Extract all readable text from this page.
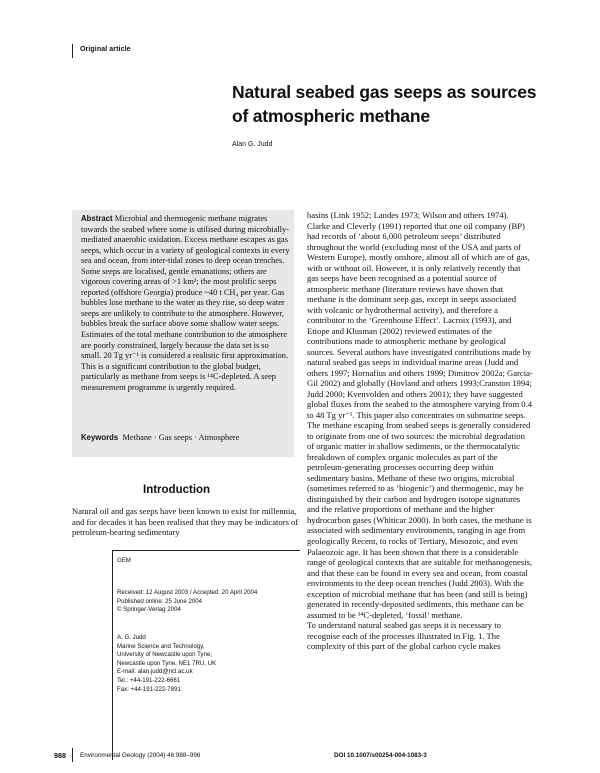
Original article
Natural seabed gas seeps as sources
of atmospheric methane
Alan G. Judd

Abstract Microbial and thermogenic methane migrates towards the seabed where some is utilised during microbially-mediated anaerobic oxidation. Excess methane escapes as gas seeps, which occur in a variety of geological contexts in every sea and ocean, from inter-tidal zones to deep ocean trenches. Some seeps are localised, gentle emanations; others are vigorous covering areas of >1 km²; the most prolific seeps reported (offshore Georgia) produce ~40 t CH₄ per year. Gas bubbles lose methane to the water as they rise, so deep water seeps are unlikely to contribute to the atmosphere. However, bubbles break the surface above some shallow water seeps. Estimates of the total methane contribution to the atmosphere are poorly constrained, largely because the data set is so small. 20 Tg yr⁻¹ is considered a realistic first approximation. This is a significant contribution to the global budget, particularly as methane from seeps is ¹⁴C-depleted. A seep measurement programme is urgently required.

Keywords Methane · Gas seeps · Atmosphere

Introduction

Natural oil and gas seeps have been known to exist for millennia, and for decades it has been realised that they may be indicators of petroleum-bearing sedimentary

GEM

Received: 12 August 2003 / Accepted: 20 April 2004
Published online: 25 June 2004
© Springer-Verlag 2004

A. G. Judd
Marine Science and Technology,
University of Newcastle upon Tyne,
Newcastle upon Tyne, NE1 7RU, UK
E-mail: alan.judd@ncl.ac.uk
Tel.: +44-191-222-6661
Fax: +44-191-222-7891

basins (Link 1952; Landes 1973; Wilson and others 1974). Clarke and Cleverly (1991) reported that one oil company (BP) had records of ‘about 6,000 petroleum seeps’ distributed throughout the world (excluding most of the USA and parts of Western Europe), mostly onshore, almost all of which are of gas, with or without oil. However, it is only relatively recently that gas seeps have been recognised as a potential source of atmospheric methane (literature reviews have shown that methane is the dominant seep gas, except in seeps associated with volcanic or hydrothermal activity), and therefore a contributor to the ‘Greenhouse Effect’. Lacroix (1993), and Etiope and Klusman (2002) reviewed estimates of the contributions made to atmospheric methane by geological sources. Several authors have investigated contributions made by natural seabed gas seeps in individual marine areas (Judd and others 1997; Hornafius and others 1999; Dimitrov 2002a; Garcia-Gil 2002) and globally (Hovland and others 1993;Cranston 1994; Judd 2000; Kvenvolden and others 2001); they have suggested global fluxes from the seabed to the atmosphere varying from 0.4 to 48 Tg yr⁻¹. This paper also concentrates on submarine seeps.

The methane escaping from seabed seeps is generally considered to originate from one of two sources: the microbial degradation of organic matter in shallow sediments, or the thermocatalytic breakdown of complex organic molecules as part of the petroleum-generating processes occurring deep within sedimentary basins. Methane of these two origins, microbial (sometimes referred to as ‘biogenic’) and thermogenic, may be distinguished by their carbon and hydrogen isotope signatures and the relative proportions of methane and the higher hydrocarbon gases (Whiticar 2000). In both cases, the methane is associated with sedimentary environments, ranging in age from geologically Recent, to rocks of Tertiary, Mesozoic, and even Palaeozoic age. It has been shown that there is a considerable range of geological contexts that are suitable for methanogenesis, and that these can be found in every sea and ocean, from coastal environments to the deep ocean trenches (Judd 2003). With the exception of microbial methane that has been (and still is being) generated in recently-deposited sediments, this methane can be assumed to be ¹⁴C-depleted, ‘fossil’ methane.

To understand natural seabed gas seeps it is necessary to recognise each of the processes illustrated in Fig. 1. The complexity of this part of the global carbon cycle makes

988 Environmental Geology (2004) 46:988–996	DOI 10.1007/s00254-004-1083-3
